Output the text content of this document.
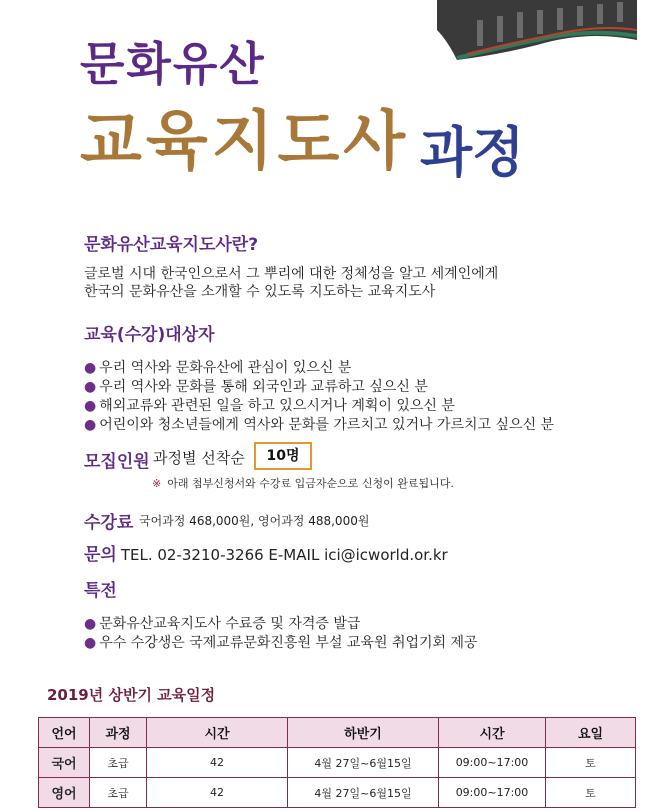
문화유산
교육지도사 과정
문화유산교육지도사란?
글로벌 시대 한국인으로서 그 뿌리에 대한 정체성을 알고 세계인에게
한국의 문화유산을 소개할 수 있도록 지도하는 교육지도사
교육(수강)대상자
● 우리 역사와 문화유산에 관심이 있으신 분
● 우리 역사와 문화를 통해 외국인과 교류하고 싶으신 분
● 해외교류와 관련된 일을 하고 있으시거나 계획이 있으신 분
● 어린이와 청소년들에게 역사와 문화를 가르치고 있거나 가르치고 싶으신 분
모집인원 과정별 선착순	10명
※ 아래 첨부신청서와 수강료 입금자순으로 신청이 완료됩니다.
수강료 국어과정 468,000원, 영어과정 488,000원
문의 TEL. 02-3210-3266 E-MAIL ici@icworld.or.kr
특전
● 문화유산교육지도사 수료증 및 자격증 발급
● 우수 수강생은 국제교류문화진흥원 부설 교육원 취업기회 제공
2019년 상반기 교육일정
언어	과정	시간	하반기	시간	요일
국어	초급	42	4월 27일~6월15일	09:00~17:00	토
영어	초급	42	4월 27일~6월15일	09:00~17:00	토
